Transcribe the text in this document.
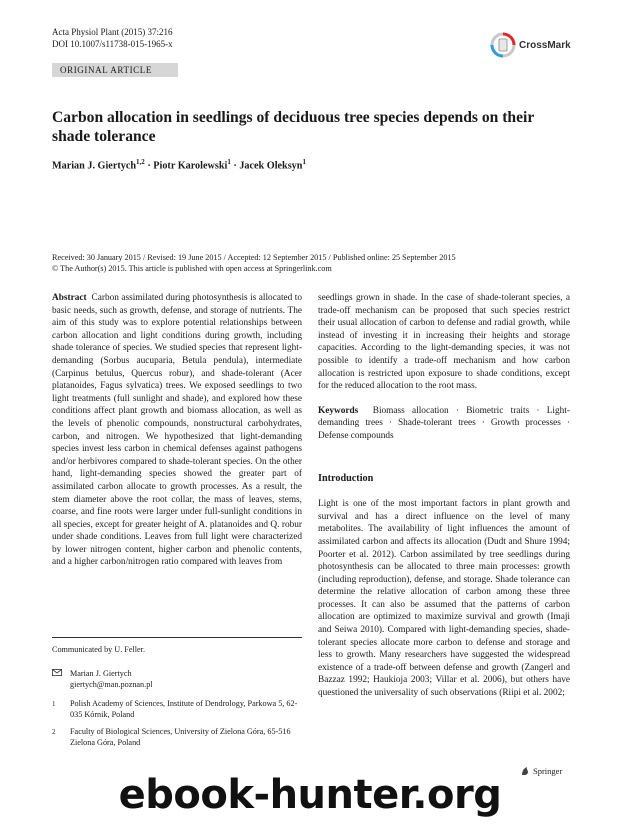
Acta Physiol Plant (2015) 37:216
DOI 10.1007/s11738-015-1965-x	CrossMark
ORIGINAL ARTICLE
Carbon allocation in seedlings of deciduous tree species depends on their shade tolerance
Marian J. Giertych$^{1,2}$ · Piotr Karolewski$^1$ · Jacek Oleksyn$^1$
Received: 30 January 2015 / Revised: 19 June 2015 / Accepted: 12 September 2015 / Published online: 25 September 2015
© The Author(s) 2015. This article is published with open access at Springerlink.com

Abstract Carbon assimilated during photosynthesis is allocated to basic needs, such as growth, defense, and storage of nutrients. The aim of this study was to explore potential relationships between carbon allocation and light conditions during growth, including shade tolerance of species. We studied species that represent light-demanding (Sorbus aucuparia, Betula pendula), intermediate (Carpinus betulus, Quercus robur), and shade-tolerant (Acer platanoides, Fagus sylvatica) trees. We exposed seedlings to two light treatments (full sunlight and shade), and explored how these conditions affect plant growth and biomass allocation, as well as the levels of phenolic compounds, nonstructural carbohydrates, carbon, and nitrogen. We hypothesized that light-demanding species invest less carbon in chemical defenses against pathogens and/or herbivores compared to shade-tolerant species. On the other hand, light-demanding species showed the greater part of assimilated carbon allocate to growth processes. As a result, the stem diameter above the root collar, the mass of leaves, stems, coarse, and fine roots were larger under full-sunlight conditions in all species, except for greater height of A. platanoides and Q. robur under shade conditions. Leaves from full light were characterized by lower nitrogen content, higher carbon and phenolic contents, and a higher carbon/nitrogen ratio compared with leaves from

seedlings grown in shade. In the case of shade-tolerant species, a trade-off mechanism can be proposed that such species restrict their usual allocation of carbon to defense and radial growth, while instead of investing it in increasing their heights and storage capacities. According to the light-demanding species, it was not possible to identify a trade-off mechanism and how carbon allocation is restricted upon exposure to shade conditions, except for the reduced allocation to the root mass.

Keywords Biomass allocation · Biometric traits · Light-demanding trees · Shade-tolerant trees · Growth processes · Defense compounds

Introduction

Light is one of the most important factors in plant growth and survival and has a direct influence on the level of many metabolites. The availability of light influences the amount of assimilated carbon and affects its allocation (Dudt and Shure 1994; Poorter et al. 2012). Carbon assimilated by tree seedlings during photosynthesis can be allocated to three main processes: growth (including reproduction), defense, and storage. Shade tolerance can determine the relative allocation of carbon among these three processes. It can also be assumed that the patterns of carbon allocation are optimized to maximize survival and growth (Imaji and Seiwa 2010). Compared with light-demanding species, shade-tolerant species allocate more carbon to defense and storage and less to growth. Many researchers have suggested the widespread existence of a trade-off between defense and growth (Zangerl and Bazzaz 1992; Haukioja 2003; Villar et al. 2006), but others have questioned the universality of such observations (Riipi et al. 2002;

Communicated by U. Feller.
Marian J. Giertych
giertych@man.poznan.pl
1	Polish Academy of Sciences, Institute of Dendrology, Parkowa 5, 62-035 Kórnik, Poland
2	Faculty of Biological Sciences, University of Zielona Góra, 65-516 Zielona Góra, Poland
Springer
ebook-hunter.org
